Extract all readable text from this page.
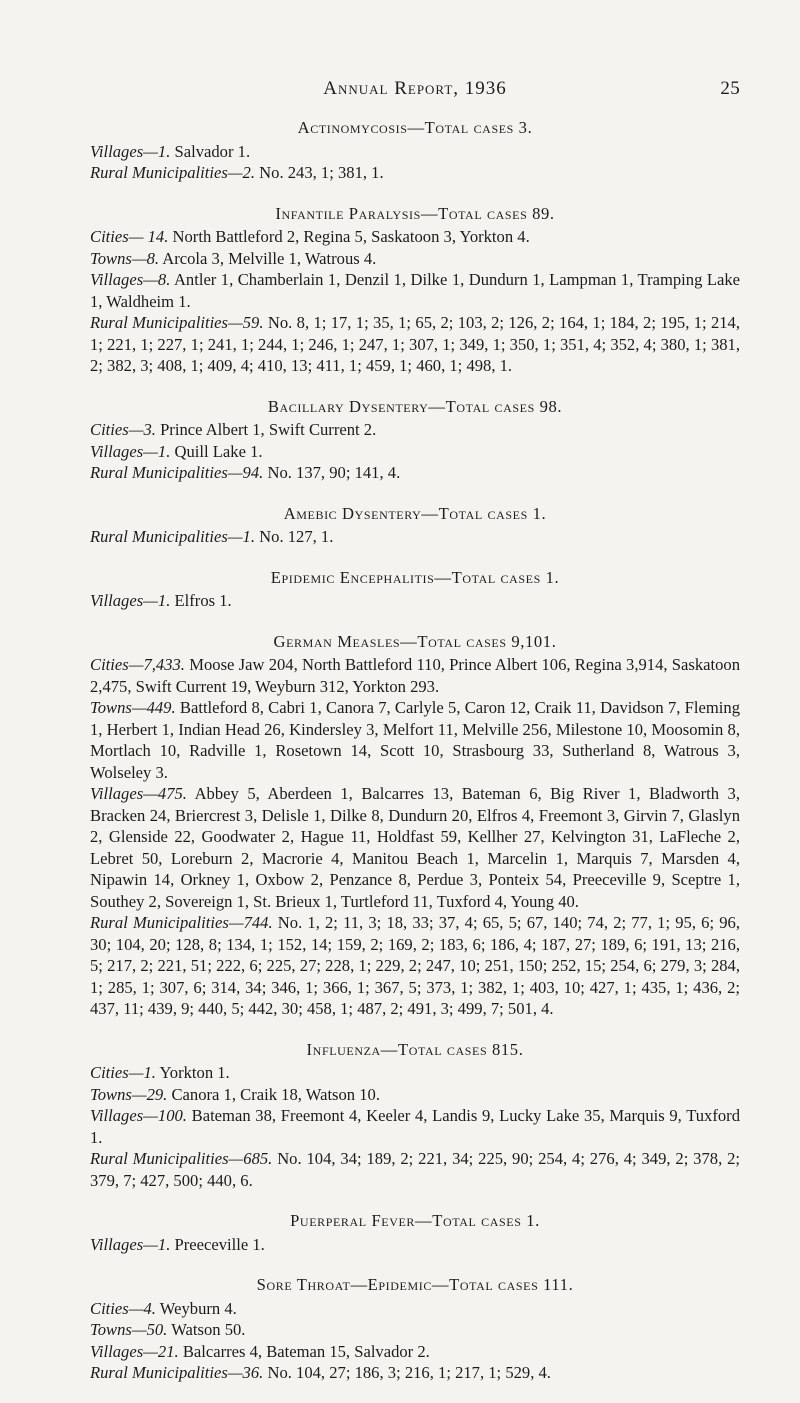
Annual Report, 1936	25
Actinomycosis—Total cases 3.
Villages—1. Salvador 1.
Rural Municipalities—2. No. 243, 1; 381, 1.
Infantile Paralysis—Total cases 89.
Cities— 14. North Battleford 2, Regina 5, Saskatoon 3, Yorkton 4.
Towns—8. Arcola 3, Melville 1, Watrous 4.
Villages—8. Antler 1, Chamberlain 1, Denzil 1, Dilke 1, Dundurn 1, Lampman 1, Tramping Lake 1, Waldheim 1.
Rural Municipalities—59. No. 8, 1; 17, 1; 35, 1; 65, 2; 103, 2; 126, 2; 164, 1; 184, 2; 195, 1; 214, 1; 221, 1; 227, 1; 241, 1; 244, 1; 246, 1; 247, 1; 307, 1; 349, 1; 350, 1; 351, 4; 352, 4; 380, 1; 381, 2; 382, 3; 408, 1; 409, 4; 410, 13; 411, 1; 459, 1; 460, 1; 498, 1.
Bacillary Dysentery—Total cases 98.
Cities—3. Prince Albert 1, Swift Current 2.
Villages—1. Quill Lake 1.
Rural Municipalities—94. No. 137, 90; 141, 4.
Amebic Dysentery—Total cases 1.
Rural Municipalities—1. No. 127, 1.
Epidemic Encephalitis—Total cases 1.
Villages—1. Elfros 1.
German Measles—Total cases 9,101.
Cities—7,433. Moose Jaw 204, North Battleford 110, Prince Albert 106, Regina 3,914, Saskatoon 2,475, Swift Current 19, Weyburn 312, Yorkton 293.
Towns—449. Battleford 8, Cabri 1, Canora 7, Carlyle 5, Caron 12, Craik 11, Davidson 7, Fleming 1, Herbert 1, Indian Head 26, Kindersley 3, Melfort 11, Melville 256, Milestone 10, Moosomin 8, Mortlach 10, Radville 1, Rosetown 14, Scott 10, Strasbourg 33, Sutherland 8, Watrous 3, Wolseley 3.
Villages—475. Abbey 5, Aberdeen 1, Balcarres 13, Bateman 6, Big River 1, Bladworth 3, Bracken 24, Briercrest 3, Delisle 1, Dilke 8, Dundurn 20, Elfros 4, Freemont 3, Girvin 7, Glaslyn 2, Glenside 22, Goodwater 2, Hague 11, Holdfast 59, Kellher 27, Kelvington 31, LaFleche 2, Lebret 50, Loreburn 2, Macrorie 4, Manitou Beach 1, Marcelin 1, Marquis 7, Marsden 4, Nipawin 14, Orkney 1, Oxbow 2, Penzance 8, Perdue 3, Ponteix 54, Preeceville 9, Sceptre 1, Southey 2, Sovereign 1, St. Brieux 1, Turtleford 11, Tuxford 4, Young 40.
Rural Municipalities—744. No. 1, 2; 11, 3; 18, 33; 37, 4; 65, 5; 67, 140; 74, 2; 77, 1; 95, 6; 96, 30; 104, 20; 128, 8; 134, 1; 152, 14; 159, 2; 169, 2; 183, 6; 186, 4; 187, 27; 189, 6; 191, 13; 216, 5; 217, 2; 221, 51; 222, 6; 225, 27; 228, 1; 229, 2; 247, 10; 251, 150; 252, 15; 254, 6; 279, 3; 284, 1; 285, 1; 307, 6; 314, 34; 346, 1; 366, 1; 367, 5; 373, 1; 382, 1; 403, 10; 427, 1; 435, 1; 436, 2; 437, 11; 439, 9; 440, 5; 442, 30; 458, 1; 487, 2; 491, 3; 499, 7; 501, 4.
Influenza—Total cases 815.
Cities—1. Yorkton 1.
Towns—29. Canora 1, Craik 18, Watson 10.
Villages—100. Bateman 38, Freemont 4, Keeler 4, Landis 9, Lucky Lake 35, Marquis 9, Tuxford 1.
Rural Municipalities—685. No. 104, 34; 189, 2; 221, 34; 225, 90; 254, 4; 276, 4; 349, 2; 378, 2; 379, 7; 427, 500; 440, 6.
Puerperal Fever—Total cases 1.
Villages—1. Preeceville 1.
Sore Throat—Epidemic—Total cases 111.
Cities—4. Weyburn 4.
Towns—50. Watson 50.
Villages—21. Balcarres 4, Bateman 15, Salvador 2.
Rural Municipalities—36. No. 104, 27; 186, 3; 216, 1; 217, 1; 529, 4.
